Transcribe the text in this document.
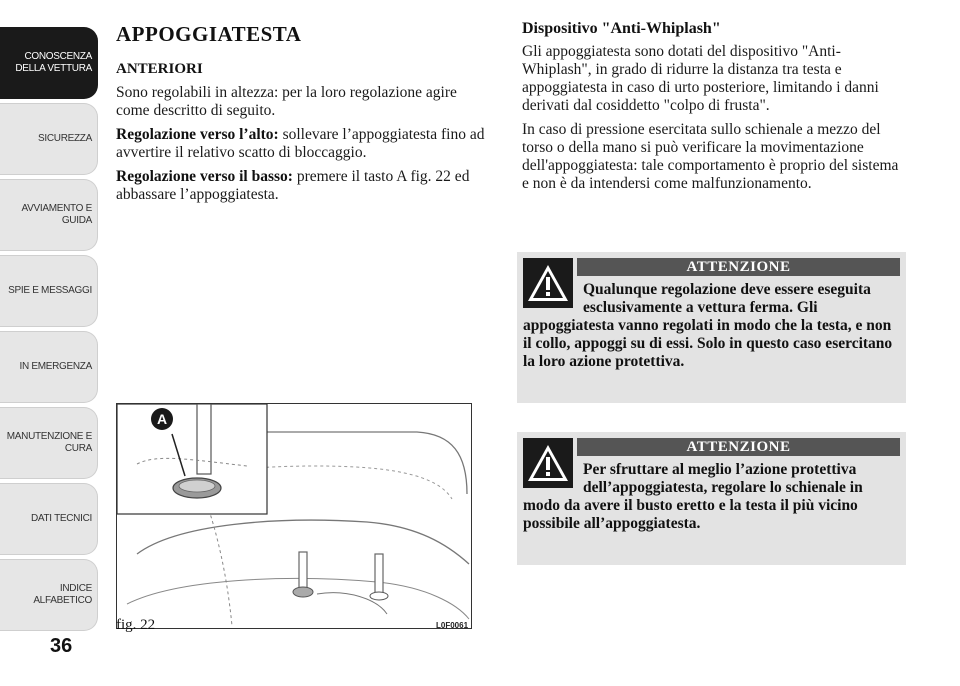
CONOSCENZA DELLA VETTURA
SICUREZZA
AVVIAMENTO E GUIDA
SPIE E MESSAGGI
IN EMERGENZA
MANUTENZIONE E CURA
DATI TECNICI
INDICE ALFABETICO
36
APPOGGIATESTA
ANTERIORI

Sono regolabili in altezza: per la loro regolazione agire come descritto di seguito.

Regolazione verso l’alto: sollevare l’appoggiatesta fino ad avvertire il relativo scatto di bloccaggio.

Regolazione verso il basso: premere il tasto A fig. 22 ed abbassare l’appoggiatesta.

A
fig. 22	L0F0061
Dispositivo "Anti-Whiplash"

Gli appoggiatesta sono dotati del dispositivo "Anti-Whiplash", in grado di ridurre la distanza tra testa e appoggiatesta in caso di urto posteriore, limitando i danni derivati dal cosiddetto "colpo di frusta".

In caso di pressione esercitata sullo schienale a mezzo del torso o della mano si può verificare la movimentazione dell'appoggiatesta: tale comportamento è proprio del sistema e non è da intendersi come malfunzionamento.

ATTENZIONE
Qualunque regolazione deve essere eseguita esclusivamente a vettura ferma. Gli appoggiatesta vanno regolati in modo che la testa, e non il collo, appoggi su di essi. Solo in questo caso esercitano la loro azione protettiva.
ATTENZIONE
Per sfruttare al meglio l’azione protettiva dell’appoggiatesta, regolare lo schienale in modo da avere il busto eretto e la testa il più vicino possibile all’appoggiatesta.
